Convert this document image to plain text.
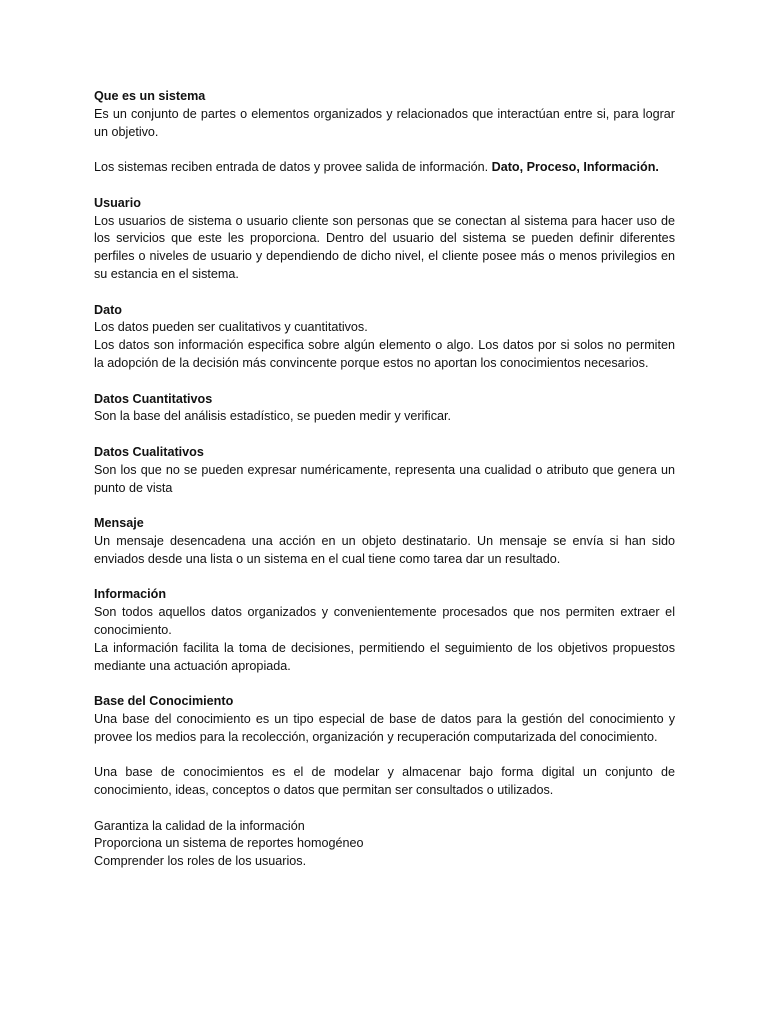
Que es un sistema
Es un conjunto de partes o elementos organizados y relacionados que interactúan entre si, para lograr un objetivo.
Los sistemas reciben entrada de datos y provee salida de información. Dato, Proceso, Información.
Usuario
Los usuarios de sistema o usuario cliente son personas que se conectan al sistema para hacer uso de los servicios que este les proporciona. Dentro del usuario del sistema se pueden definir diferentes perfiles o niveles de usuario y dependiendo de dicho nivel, el cliente posee más o menos privilegios en su estancia en el sistema.
Dato
Los datos pueden ser cualitativos y cuantitativos.
Los datos son información especifica sobre algún elemento o algo. Los datos por si solos no permiten la adopción de la decisión más convincente porque estos no aportan los conocimientos necesarios.
Datos Cuantitativos
Son la base del análisis estadístico, se pueden medir y verificar.
Datos Cualitativos
Son los que no se pueden expresar numéricamente, representa una cualidad o atributo que genera un punto de vista
Mensaje
Un mensaje desencadena una acción en un objeto destinatario. Un mensaje se envía si han sido enviados desde una lista o un sistema en el cual tiene como tarea dar un resultado.
Información
Son todos aquellos datos organizados y convenientemente procesados que nos permiten extraer el conocimiento.
La información facilita la toma de decisiones, permitiendo el seguimiento de los objetivos propuestos mediante una actuación apropiada.
Base del Conocimiento
Una base del conocimiento es un tipo especial de base de datos para la gestión del conocimiento y provee los medios para la recolección, organización y recuperación computarizada del conocimiento.
Una base de conocimientos es el de modelar y almacenar bajo forma digital un conjunto de conocimiento, ideas, conceptos o datos que permitan ser consultados o utilizados.
Garantiza la calidad de la información
Proporciona un sistema de reportes homogéneo
Comprender los roles de los usuarios.
